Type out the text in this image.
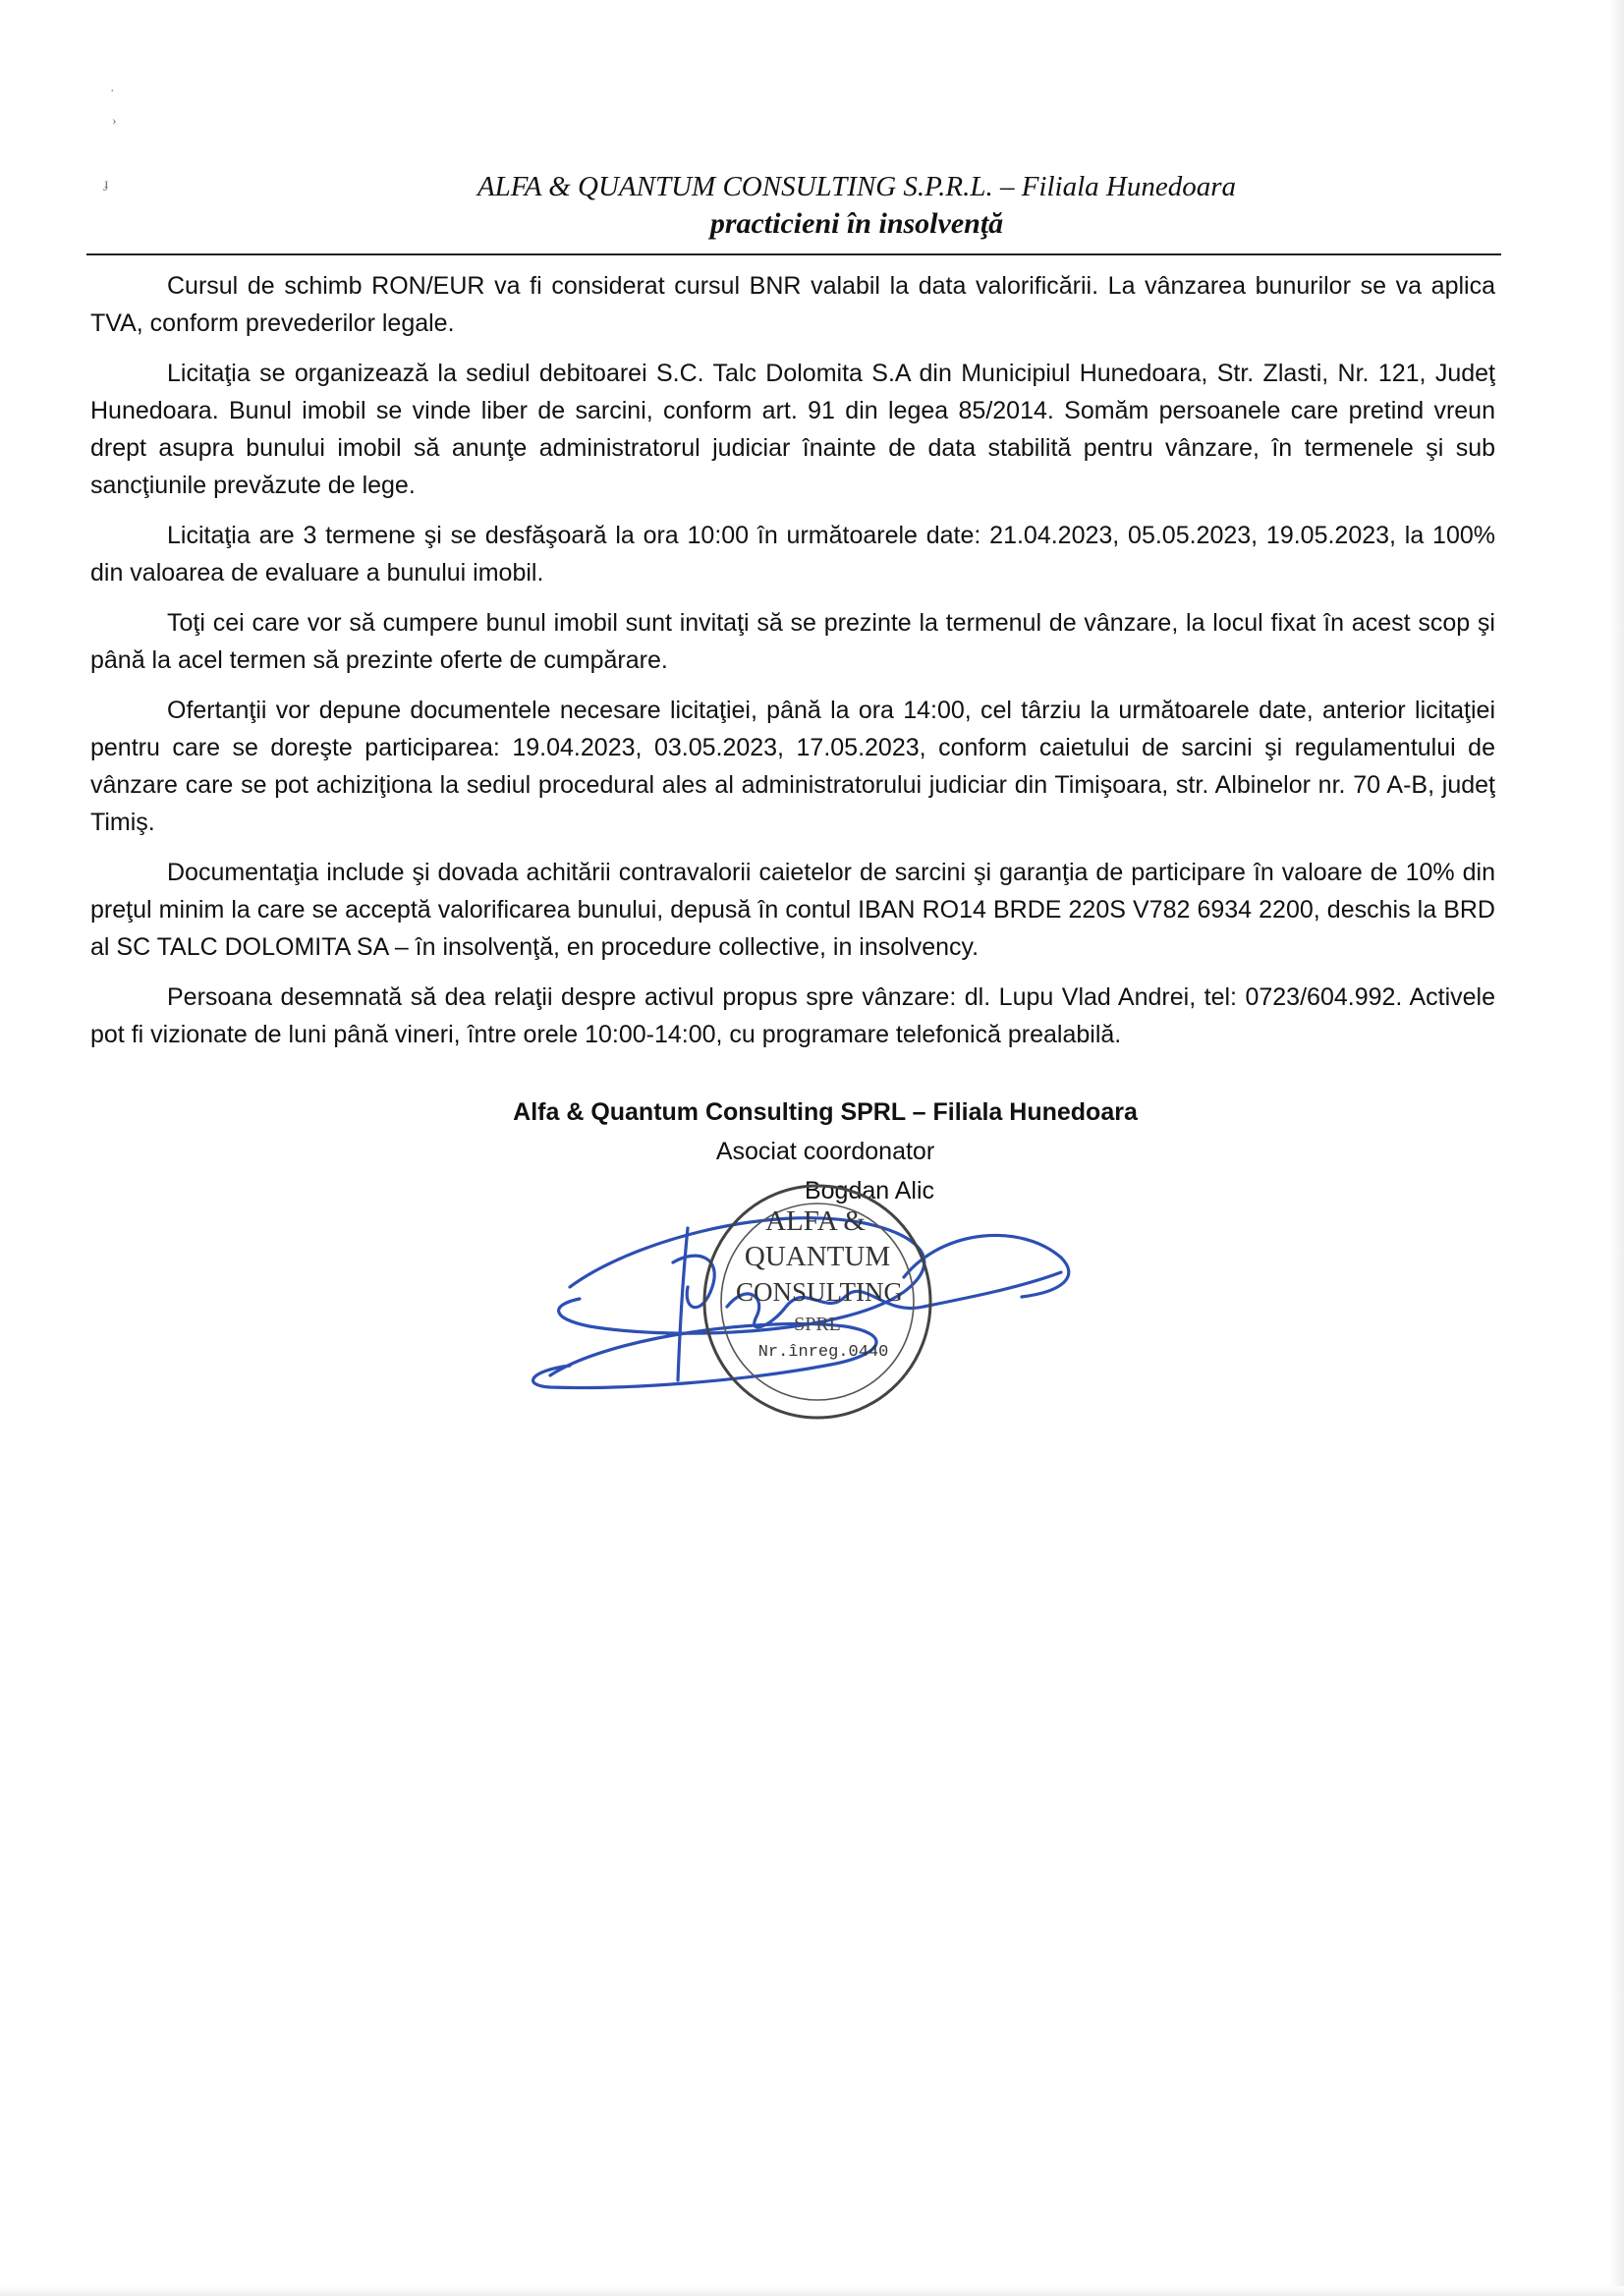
·
›
ɟ	ALFA & QUANTUM CONSULTING S.P.R.L. – Filiala Hunedoara

practicieni în insolvenţă

Cursul de schimb RON/EUR va fi considerat cursul BNR valabil la data valorificării. La vânzarea bunurilor se va aplica TVA, conform prevederilor legale.

Licitaţia se organizează la sediul debitoarei S.C. Talc Dolomita S.A din Municipiul Hunedoara, Str. Zlasti, Nr. 121, Judeţ Hunedoara. Bunul imobil se vinde liber de sarcini, conform art. 91 din legea 85/2014. Somăm persoanele care pretind vreun drept asupra bunului imobil să anunţe administratorul judiciar înainte de data stabilită pentru vânzare, în termenele şi sub sancţiunile prevăzute de lege.

Licitaţia are 3 termene şi se desfăşoară la ora 10:00 în următoarele date: 21.04.2023, 05.05.2023, 19.05.2023, la 100% din valoarea de evaluare a bunului imobil.

Toţi cei care vor să cumpere bunul imobil sunt invitaţi să se prezinte la termenul de vânzare, la locul fixat în acest scop şi până la acel termen să prezinte oferte de cumpărare.

Ofertanţii vor depune documentele necesare licitaţiei, până la ora 14:00, cel târziu la următoarele date, anterior licitaţiei pentru care se doreşte participarea: 19.04.2023, 03.05.2023, 17.05.2023, conform caietului de sarcini şi regulamentului de vânzare care se pot achiziţiona la sediul procedural ales al administratorului judiciar din Timişoara, str. Albinelor nr. 70 A-B, judeţ Timiş.

Documentaţia include şi dovada achitării contravalorii caietelor de sarcini şi garanţia de participare în valoare de 10% din preţul minim la care se acceptă valorificarea bunului, depusă în contul IBAN RO14 BRDE 220S V782 6934 2200, deschis la BRD al SC TALC DOLOMITA SA – în insolvenţă, en procedure collective, in insolvency.

Persoana desemnată să dea relaţii despre activul propus spre vânzare: dl. Lupu Vlad Andrei, tel: 0723/604.992. Activele pot fi vizionate de luni până vineri, între orele 10:00-14:00, cu programare telefonică prealabilă.

Alfa & Quantum Consulting SPRL – Filiala Hunedoara

Asociat coordonator

Bogdan Alic

ALFA &
QUANTUM
CONSULTING
SPRL
Nr.înreg.0440
